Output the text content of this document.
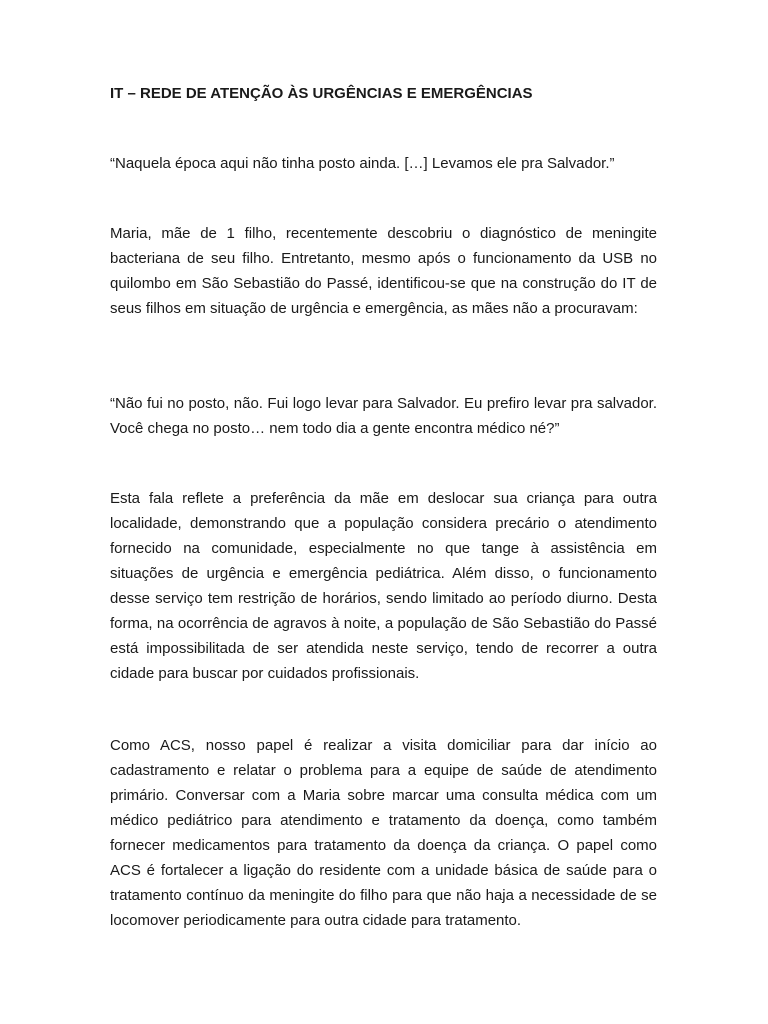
IT – REDE DE ATENÇÃO ÀS URGÊNCIAS E EMERGÊNCIAS

“Naquela época aqui não tinha posto ainda. […] Levamos ele pra Salvador.”

Maria, mãe de 1 filho, recentemente descobriu o diagnóstico de meningite bacteriana de seu filho. Entretanto, mesmo após o funcionamento da USB no quilombo em São Sebastião do Passé, identificou-se que na construção do IT de seus filhos em situação de urgência e emergência, as mães não a procuravam:

“Não fui no posto, não. Fui logo levar para Salvador. Eu prefiro levar pra salvador. Você chega no posto… nem todo dia a gente encontra médico né?”

Esta fala reflete a preferência da mãe em deslocar sua criança para outra localidade, demonstrando que a população considera precário o atendimento fornecido na comunidade, especialmente no que tange à assistência em situações de urgência e emergência pediátrica. Além disso, o funcionamento desse serviço tem restrição de horários, sendo limitado ao período diurno. Desta forma, na ocorrência de agravos à noite, a população de São Sebastião do Passé está impossibilitada de ser atendida neste serviço, tendo de recorrer a outra cidade para buscar por cuidados profissionais.

Como ACS, nosso papel é realizar a visita domiciliar para dar início ao cadastramento e relatar o problema para a equipe de saúde de atendimento primário. Conversar com a Maria sobre marcar uma consulta médica com um médico pediátrico para atendimento e tratamento da doença, como também fornecer medicamentos para tratamento da doença da criança. O papel como ACS é fortalecer a ligação do residente com a unidade básica de saúde para o tratamento contínuo da meningite do filho para que não haja a necessidade de se locomover periodicamente para outra cidade para tratamento.
